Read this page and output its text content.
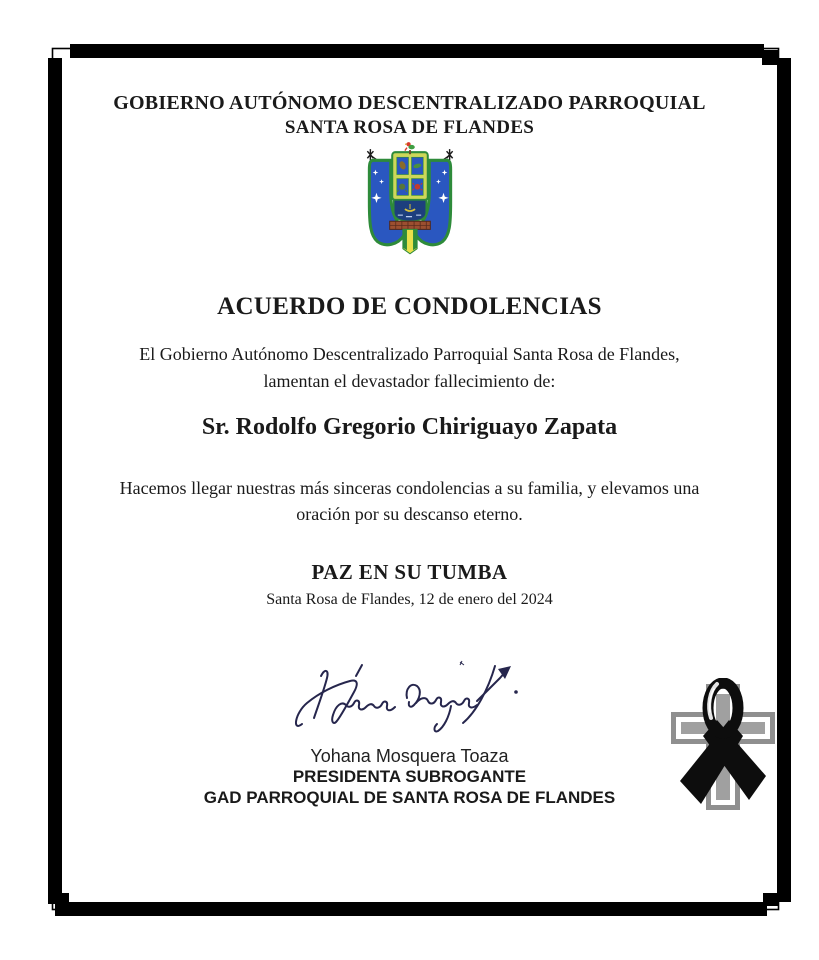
GOBIERNO AUTÓNOMO DESCENTRALIZADO PARROQUIAL
SANTA ROSA DE FLANDES
ACUERDO DE CONDOLENCIAS
El Gobierno Autónomo Descentralizado Parroquial Santa Rosa de Flandes,
lamentan el devastador fallecimiento de:
Sr. Rodolfo Gregorio Chiriguayo Zapata
Hacemos llegar nuestras más sinceras condolencias a su familia, y elevamos una
oración por su descanso eterno.
PAZ EN SU TUMBA
Santa Rosa de Flandes, 12 de enero del 2024
Yohana Mosquera Toaza
PRESIDENTA SUBROGANTE
GAD PARROQUIAL DE SANTA ROSA DE FLANDES
